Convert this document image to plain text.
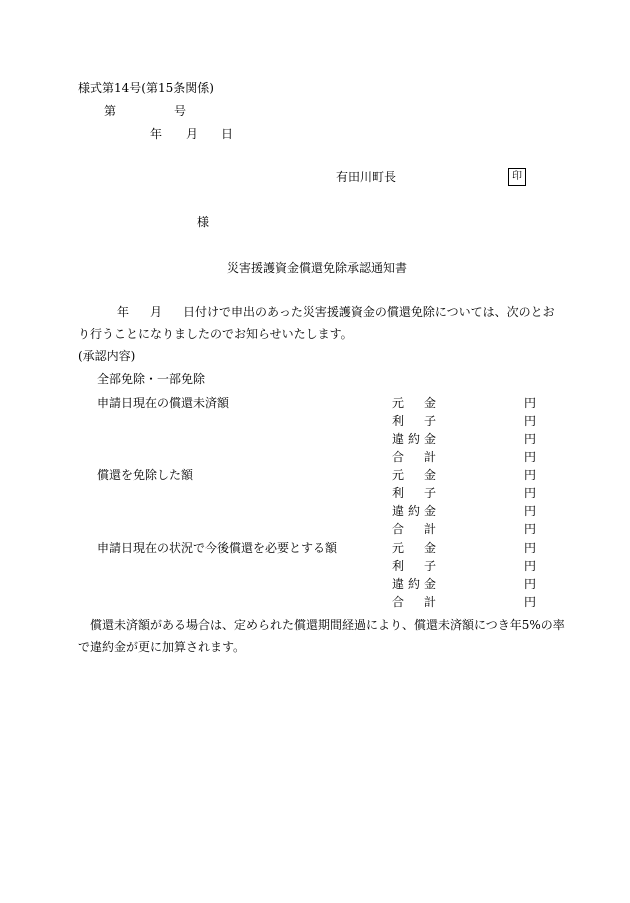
様式第14号(第15条関係)
第	号
年 月 日
有田川町長	印
様
災害援護資金償還免除承認通知書
年 月 日付けで申出のあった災害援護資金の償還免除については、次のとお
り行うことになりましたのでお知らせいたします。
(承認内容)
全部免除・一部免除
申請日現在の償還未済額	元金	円
利子	円
違約金	円
合計	円
償還を免除した額	元金	円
利子	円
違約金	円
合計	円
申請日現在の状況で今後償還を必要とする額	元金	円
利子	円
違約金	円
合計	円
償還未済額がある場合は、定められた償還期間経過により、償還未済額につき年5%の率
で違約金が更に加算されます。
